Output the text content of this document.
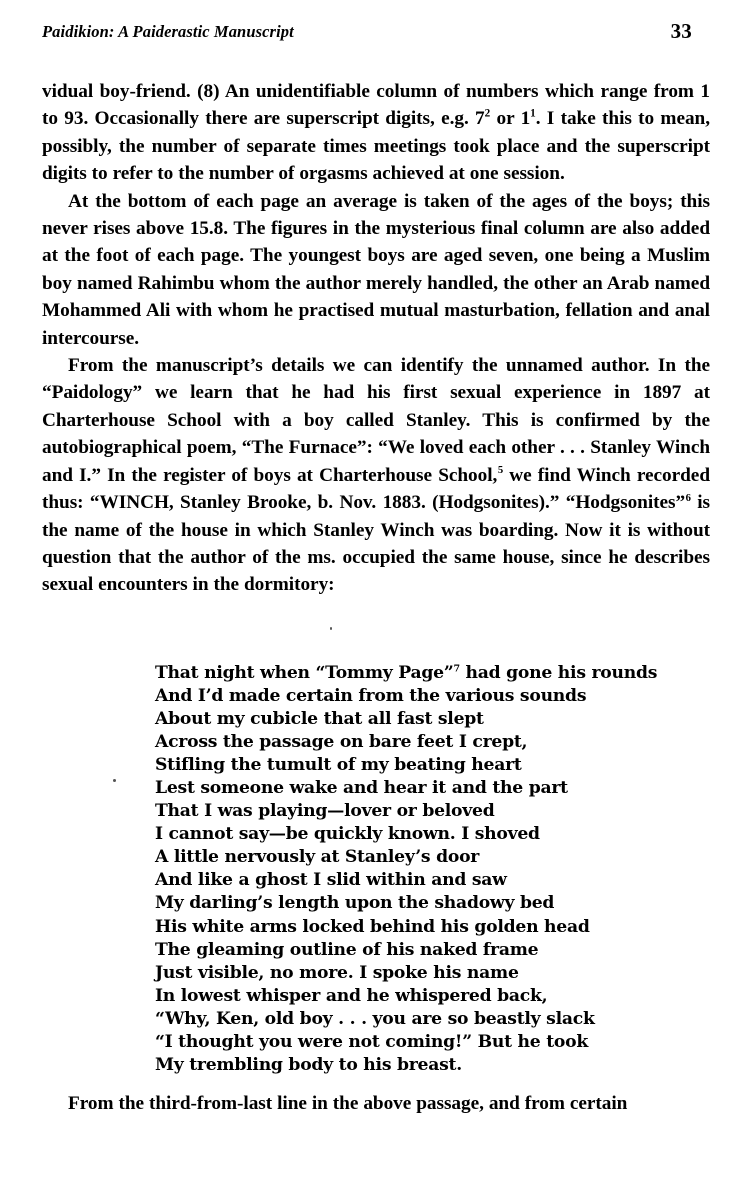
Paidikion: A Paiderastic Manuscript	33

vidual boy-friend. (8) An unidentifiable column of numbers which range from 1 to 93. Occasionally there are superscript digits, e.g. $7^2$ or $1^1$. I take this to mean, possibly, the number of separate times meetings took place and the superscript digits to refer to the number of orgasms achieved at one session.

At the bottom of each page an average is taken of the ages of the boys; this never rises above 15.8. The figures in the mysterious final column are also added at the foot of each page. The youngest boys are aged seven, one being a Muslim boy named Rahimbu whom the author merely handled, the other an Arab named Mohammed Ali with whom he practised mutual masturbation, fellation and anal intercourse.

From the manuscript’s details we can identify the unnamed author. In the “Paidology” we learn that he had his first sexual experience in 1897 at Charterhouse School with a boy called Stanley. This is confirmed by the autobiographical poem, “The Furnace”: “We loved each other . . . Stanley Winch and I.” In the register of boys at Charterhouse School,$^5$ we find Winch recorded thus: “WINCH, Stanley Brooke, b. Nov. 1883. (Hodgsonites).” “Hodgsonites”$^6$ is the name of the house in which Stanley Winch was boarding. Now it is without question that the author of the ms. occupied the same house, since he describes sexual encounters in the dormitory:

That night when “Tommy Page”$^7$ had gone his rounds
And I’d made certain from the various sounds
About my cubicle that all fast slept
Across the passage on bare feet I crept,
Stifling the tumult of my beating heart
Lest someone wake and hear it and the part
That I was playing—lover or beloved
I cannot say—be quickly known. I shoved
A little nervously at Stanley’s door
And like a ghost I slid within and saw
My darling’s length upon the shadowy bed
His white arms locked behind his golden head
The gleaming outline of his naked frame
Just visible, no more. I spoke his name
In lowest whisper and he whispered back,
“Why, Ken, old boy . . . you are so beastly slack
“I thought you were not coming!” But he took
My trembling body to his breast.

From the third-from-last line in the above passage, and from certain
